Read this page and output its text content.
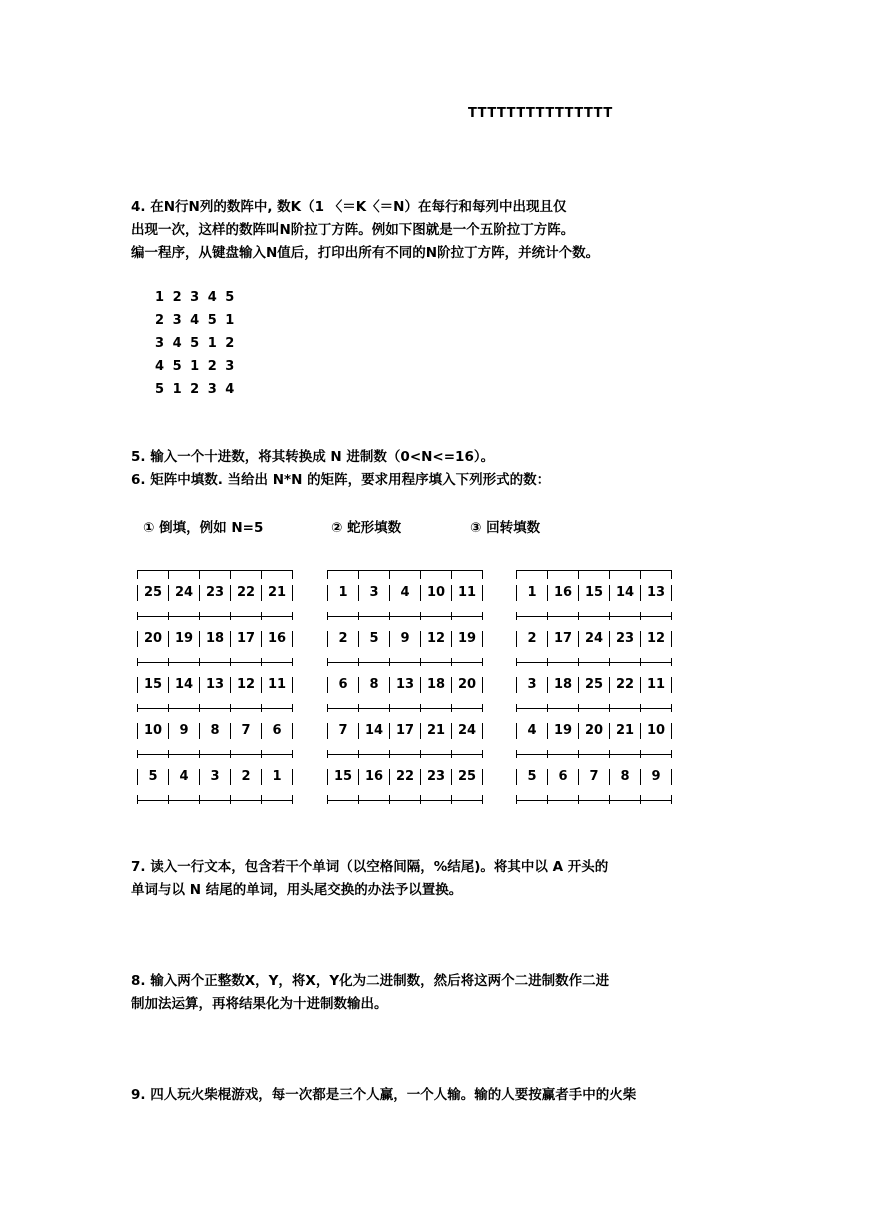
TTTTTTTTTTTTTTT
4. 在N行N列的数阵中, 数K（1 〈＝K〈＝N）在每行和每列中出现且仅
出现一次，这样的数阵叫N阶拉丁方阵。例如下图就是一个五阶拉丁方阵。
编一程序，从键盘输入N值后，打印出所有不同的N阶拉丁方阵，并统计个数。
1 2 3 4 5
2 3 4 5 1
3 4 5 1 2
4 5 1 2 3
5 1 2 3 4
5. 输入一个十进数，将其转换成 N 进制数（0<N<=16）。
6. 矩阵中填数. 当给出 N*N 的矩阵，要求用程序填入下列形式的数：
① 倒填，例如 N=5	② 蛇形填数	③ 回转填数
25 24 23 22 21
20 19 18 17 16
15 14 13 12 11
10	9	8	7	6
5	4	3	2	1
1	3	4	10 11
2	5	9	12 19
6	8	13 18 20
7	14 17 21 24
15 16 22 23 25
1	16 15 14 13
2	17 24 23 12
3	18 25 22 11
4	19 20 21 10
5	6	7	8	9
7. 读入一行文本，包含若干个单词（以空格间隔，%结尾)。将其中以 A 开头的
单词与以 N 结尾的单词，用头尾交换的办法予以置换。
8. 输入两个正整数X，Y，将X，Y化为二进制数，然后将这两个二进制数作二进
制加法运算，再将结果化为十进制数输出。
9. 四人玩火柴棍游戏，每一次都是三个人赢，一个人输。输的人要按赢者手中的火柴
